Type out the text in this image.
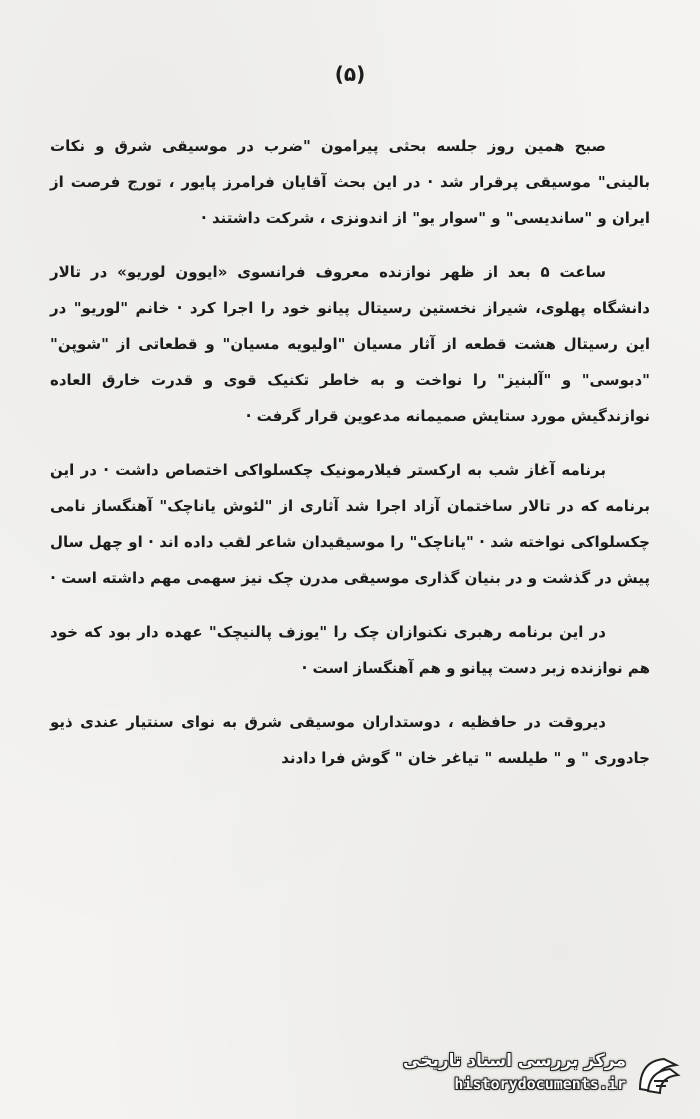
(۵)

صبح همین روز جلسه بحثی پیرامون "ضرب در موسیقی شرق و نکات بالینی" موسیقی پرقرار شد · در این بحث آقایان فرامرز پایور ، تورج فرصت از ایران و "ساندیسی" و "سوار یو" از اندونزی ، شرکت داشتند ·

ساعت ۵ بعد از ظهر نوازنده معروف فرانسوی «ایوون لوریو» در تالار دانشگاه پهلوی، شیراز نخستین رسیتال پیانو خود را اجرا کرد · خانم "لوریو" در این رسیتال هشت قطعه از آثار مسیان "اولیویه مسیان" و قطعاتی از "شوپن" "دبوسی" و "آلبنیز" را نواخت و به خاطر تکنیک قوی و قدرت خارق العاده نوازندگیش مورد ستایش صمیمانه مدعوین قرار گرفت ·

برنامه آغاز شب به ارکستر فیلارمونیک چکسلواکی اختصاص داشت · در این برنامه که در تالار ساختمان آزاد اجرا شد آثاری از "لئوش یاناچک" آهنگساز نامی چکسلواکی نواخته شد · "یاناچک" را موسیقیدان شاعر لقب داده اند · او چهل سال پیش در گذشت و در بنیان گذاری موسیقی مدرن چک نیز سهمی مهم داشته است ·

در این برنامه رهبری نکنوازان چک را "یوزف پالنیچک" عهده دار بود که خود هم نوازنده زبر دست پیانو و هم آهنگساز است ·

دیروقت در حافظیه ، دوستداران موسیقی شرق به نوای سنتیار عندی ذیو جادوری " و " طیلسه " تیاغر خان " گوش فرا دادند

مرکز بررسی اسناد تاریخی
historydocuments.ir
